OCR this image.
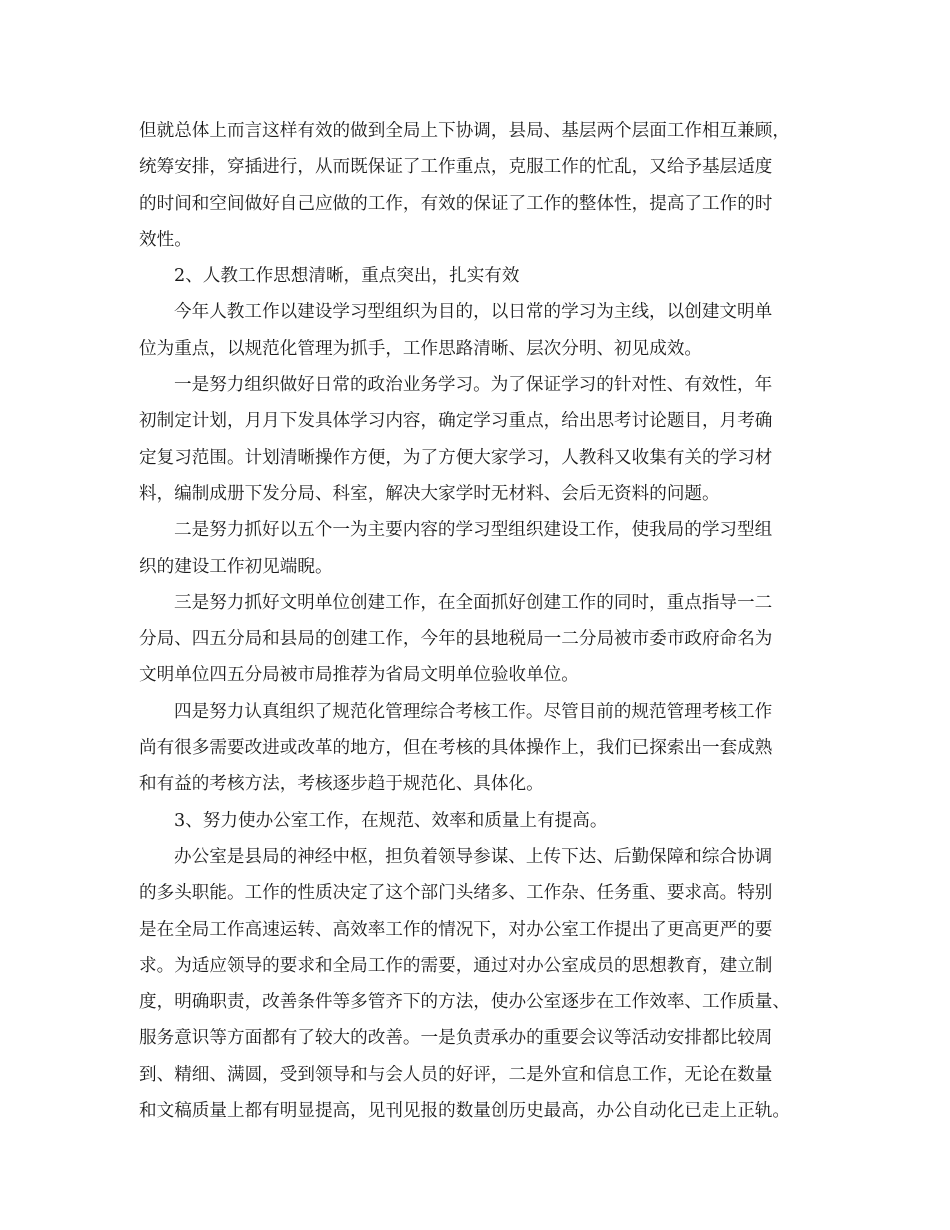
但就总体上而言这样有效的做到全局上下协调，县局、基层两个层面工作相互兼顾，
统筹安排，穿插进行，从而既保证了工作重点，克服工作的忙乱，又给予基层适度
的时间和空间做好自己应做的工作，有效的保证了工作的整体性，提高了工作的时
效性。
2、人教工作思想清晰，重点突出，扎实有效
今年人教工作以建设学习型组织为目的，以日常的学习为主线，以创建文明单
位为重点，以规范化管理为抓手，工作思路清晰、层次分明、初见成效。
一是努力组织做好日常的政治业务学习。为了保证学习的针对性、有效性，年
初制定计划，月月下发具体学习内容，确定学习重点，给出思考讨论题目，月考确
定复习范围。计划清晰操作方便，为了方便大家学习，人教科又收集有关的学习材
料，编制成册下发分局、科室，解决大家学时无材料、会后无资料的问题。
二是努力抓好以五个一为主要内容的学习型组织建设工作，使我局的学习型组
织的建设工作初见端睨。
三是努力抓好文明单位创建工作，在全面抓好创建工作的同时，重点指导一二
分局、四五分局和县局的创建工作，今年的县地税局一二分局被市委市政府命名为
文明单位四五分局被市局推荐为省局文明单位验收单位。
四是努力认真组织了规范化管理综合考核工作。尽管目前的规范管理考核工作
尚有很多需要改进或改革的地方，但在考核的具体操作上，我们已探索出一套成熟
和有益的考核方法，考核逐步趋于规范化、具体化。
3、努力使办公室工作，在规范、效率和质量上有提高。
办公室是县局的神经中枢，担负着领导参谋、上传下达、后勤保障和综合协调
的多头职能。工作的性质决定了这个部门头绪多、工作杂、任务重、要求高。特别
是在全局工作高速运转、高效率工作的情况下，对办公室工作提出了更高更严的要
求。为适应领导的要求和全局工作的需要，通过对办公室成员的思想教育，建立制
度，明确职责，改善条件等多管齐下的方法，使办公室逐步在工作效率、工作质量、
服务意识等方面都有了较大的改善。一是负责承办的重要会议等活动安排都比较周
到、精细、满圆，受到领导和与会人员的好评，二是外宣和信息工作，无论在数量
和文稿质量上都有明显提高，见刊见报的数量创历史最高，办公自动化已走上正轨。
